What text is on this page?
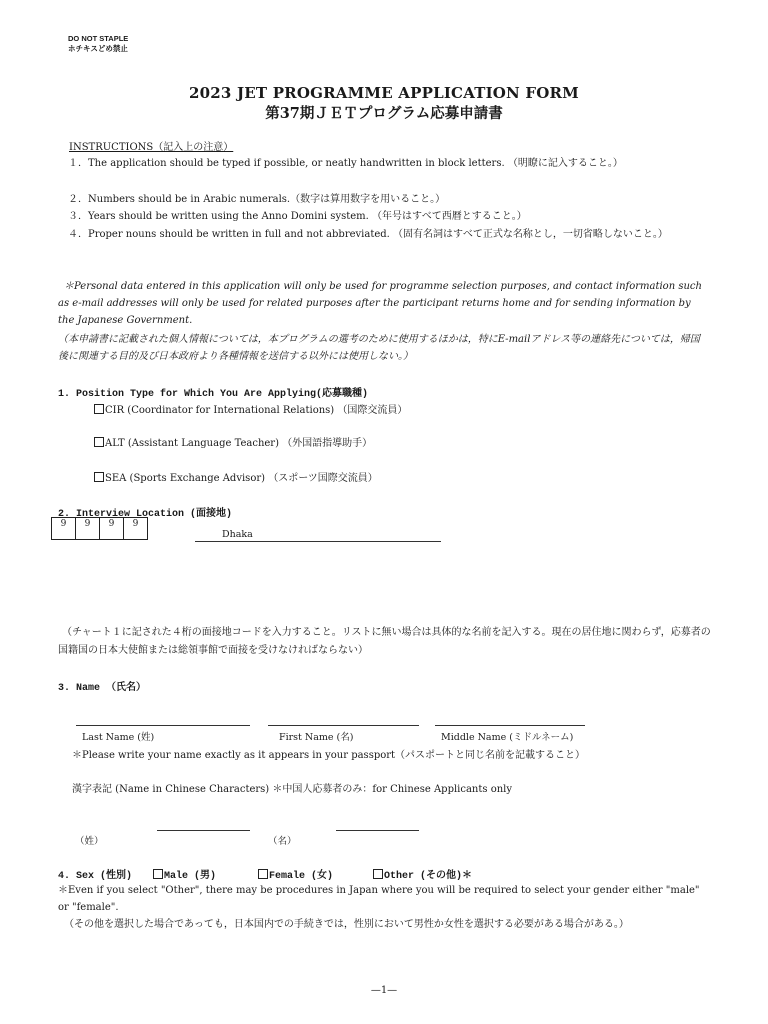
DO NOT STAPLE
ホチキスどめ禁止
2023 JET PROGRAMME APPLICATION FORM
第37期ＪＥＴプログラム応募申請書
INSTRUCTIONS（記入上の注意）
１．The application should be typed if possible, or neatly handwritten in block letters. （明瞭に記入すること。）
２．Numbers should be in Arabic numerals.（数字は算用数字を用いること。）
３．Years should be written using the Anno Domini system. （年号はすべて西暦とすること。）
４．Proper nouns should be written in full and not abbreviated. （固有名詞はすべて正式な名称とし，一切省略しないこと。）
＊Personal data entered in this application will only be used for programme selection purposes, and contact information such as e-mail addresses will only be used for related purposes after the participant returns home and for sending information by the Japanese Government.
（本申請書に記載された個人情報については，本プログラムの選考のために使用するほかは，特にE-mailアドレス等の連絡先については，帰国後に関連する目的及び日本政府より各種情報を送信する以外には使用しない。）
1. Position Type for Which You Are Applying(応募職種)
CIR (Coordinator for International Relations) （国際交流員）
ALT (Assistant Language Teacher) （外国語指導助手）
SEA (Sports Exchange Advisor) （スポーツ国際交流員）
2. Interview Location (面接地)
9	9	9	9
Dhaka
（チャート１に記された４桁の面接地コードを入力すること。リストに無い場合は具体的な名前を記入する。現在の居住地に関わらず，応募者の国籍国の日本大使館または総領事館で面接を受けなければならない）
3. Name （氏名）
Last Name (姓)	First Name (名)	Middle Name (ミドルネーム)
＊Please write your name exactly as it appears in your passport（パスポートと同じ名前を記載すること）
漢字表記 (Name in Chinese Characters) ＊中国人応募者のみ：for Chinese Applicants only
（姓）	（名）
4. Sex (性別)	Male (男)	Female (女)	Other (その他)＊
＊Even if you select "Other", there may be procedures in Japan where you will be required to select your gender either "male" or "female".
（その他を選択した場合であっても，日本国内での手続きでは，性別において男性か女性を選択する必要がある場合がある。）
—1—
